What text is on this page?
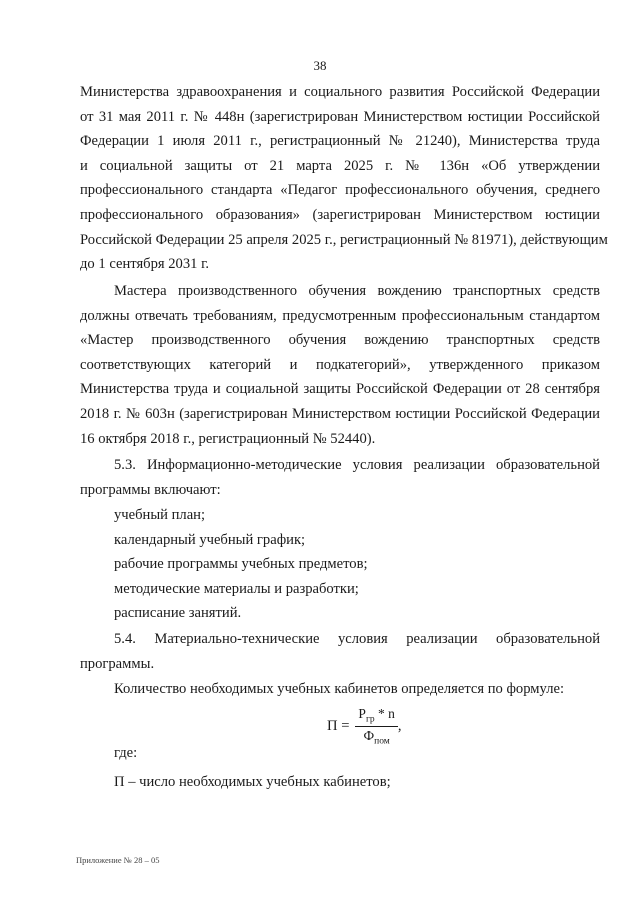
38
Министерства здравоохранения и социального развития Российской Федерации
от 31 мая 2011 г. № 448н (зарегистрирован Министерством юстиции Российской
Федерации 1 июля 2011 г., регистрационный № 21240), Министерства труда
и социальной защиты от 21 марта 2025 г. № 136н «Об утверждении
профессионального стандарта «Педагог профессионального обучения, среднего
профессионального образования» (зарегистрирован Министерством юстиции
Российской Федерации 25 апреля 2025 г., регистрационный № 81971), действующим
до 1 сентября 2031 г.
Мастера производственного обучения вождению транспортных средств
должны отвечать требованиям, предусмотренным профессиональным стандартом
«Мастер производственного обучения вождению транспортных средств
соответствующих категорий и подкатегорий», утвержденного приказом
Министерства труда и социальной защиты Российской Федерации от 28 сентября
2018 г. № 603н (зарегистрирован Министерством юстиции Российской Федерации
16 октября 2018 г., регистрационный № 52440).
5.3. Информационно-методические условия реализации образовательной
программы включают:
учебный план;
календарный учебный график;
рабочие программы учебных предметов;
методические материалы и разработки;
расписание занятий.
5.4. Материально-технические условия реализации образовательной
программы.
Количество необходимых учебных кабинетов определяется по формуле:
$П = \frac{P_{гр} * n}{Ф_{пом}}$ ,
где:
П – число необходимых учебных кабинетов;
Приложение № 28 – 05
